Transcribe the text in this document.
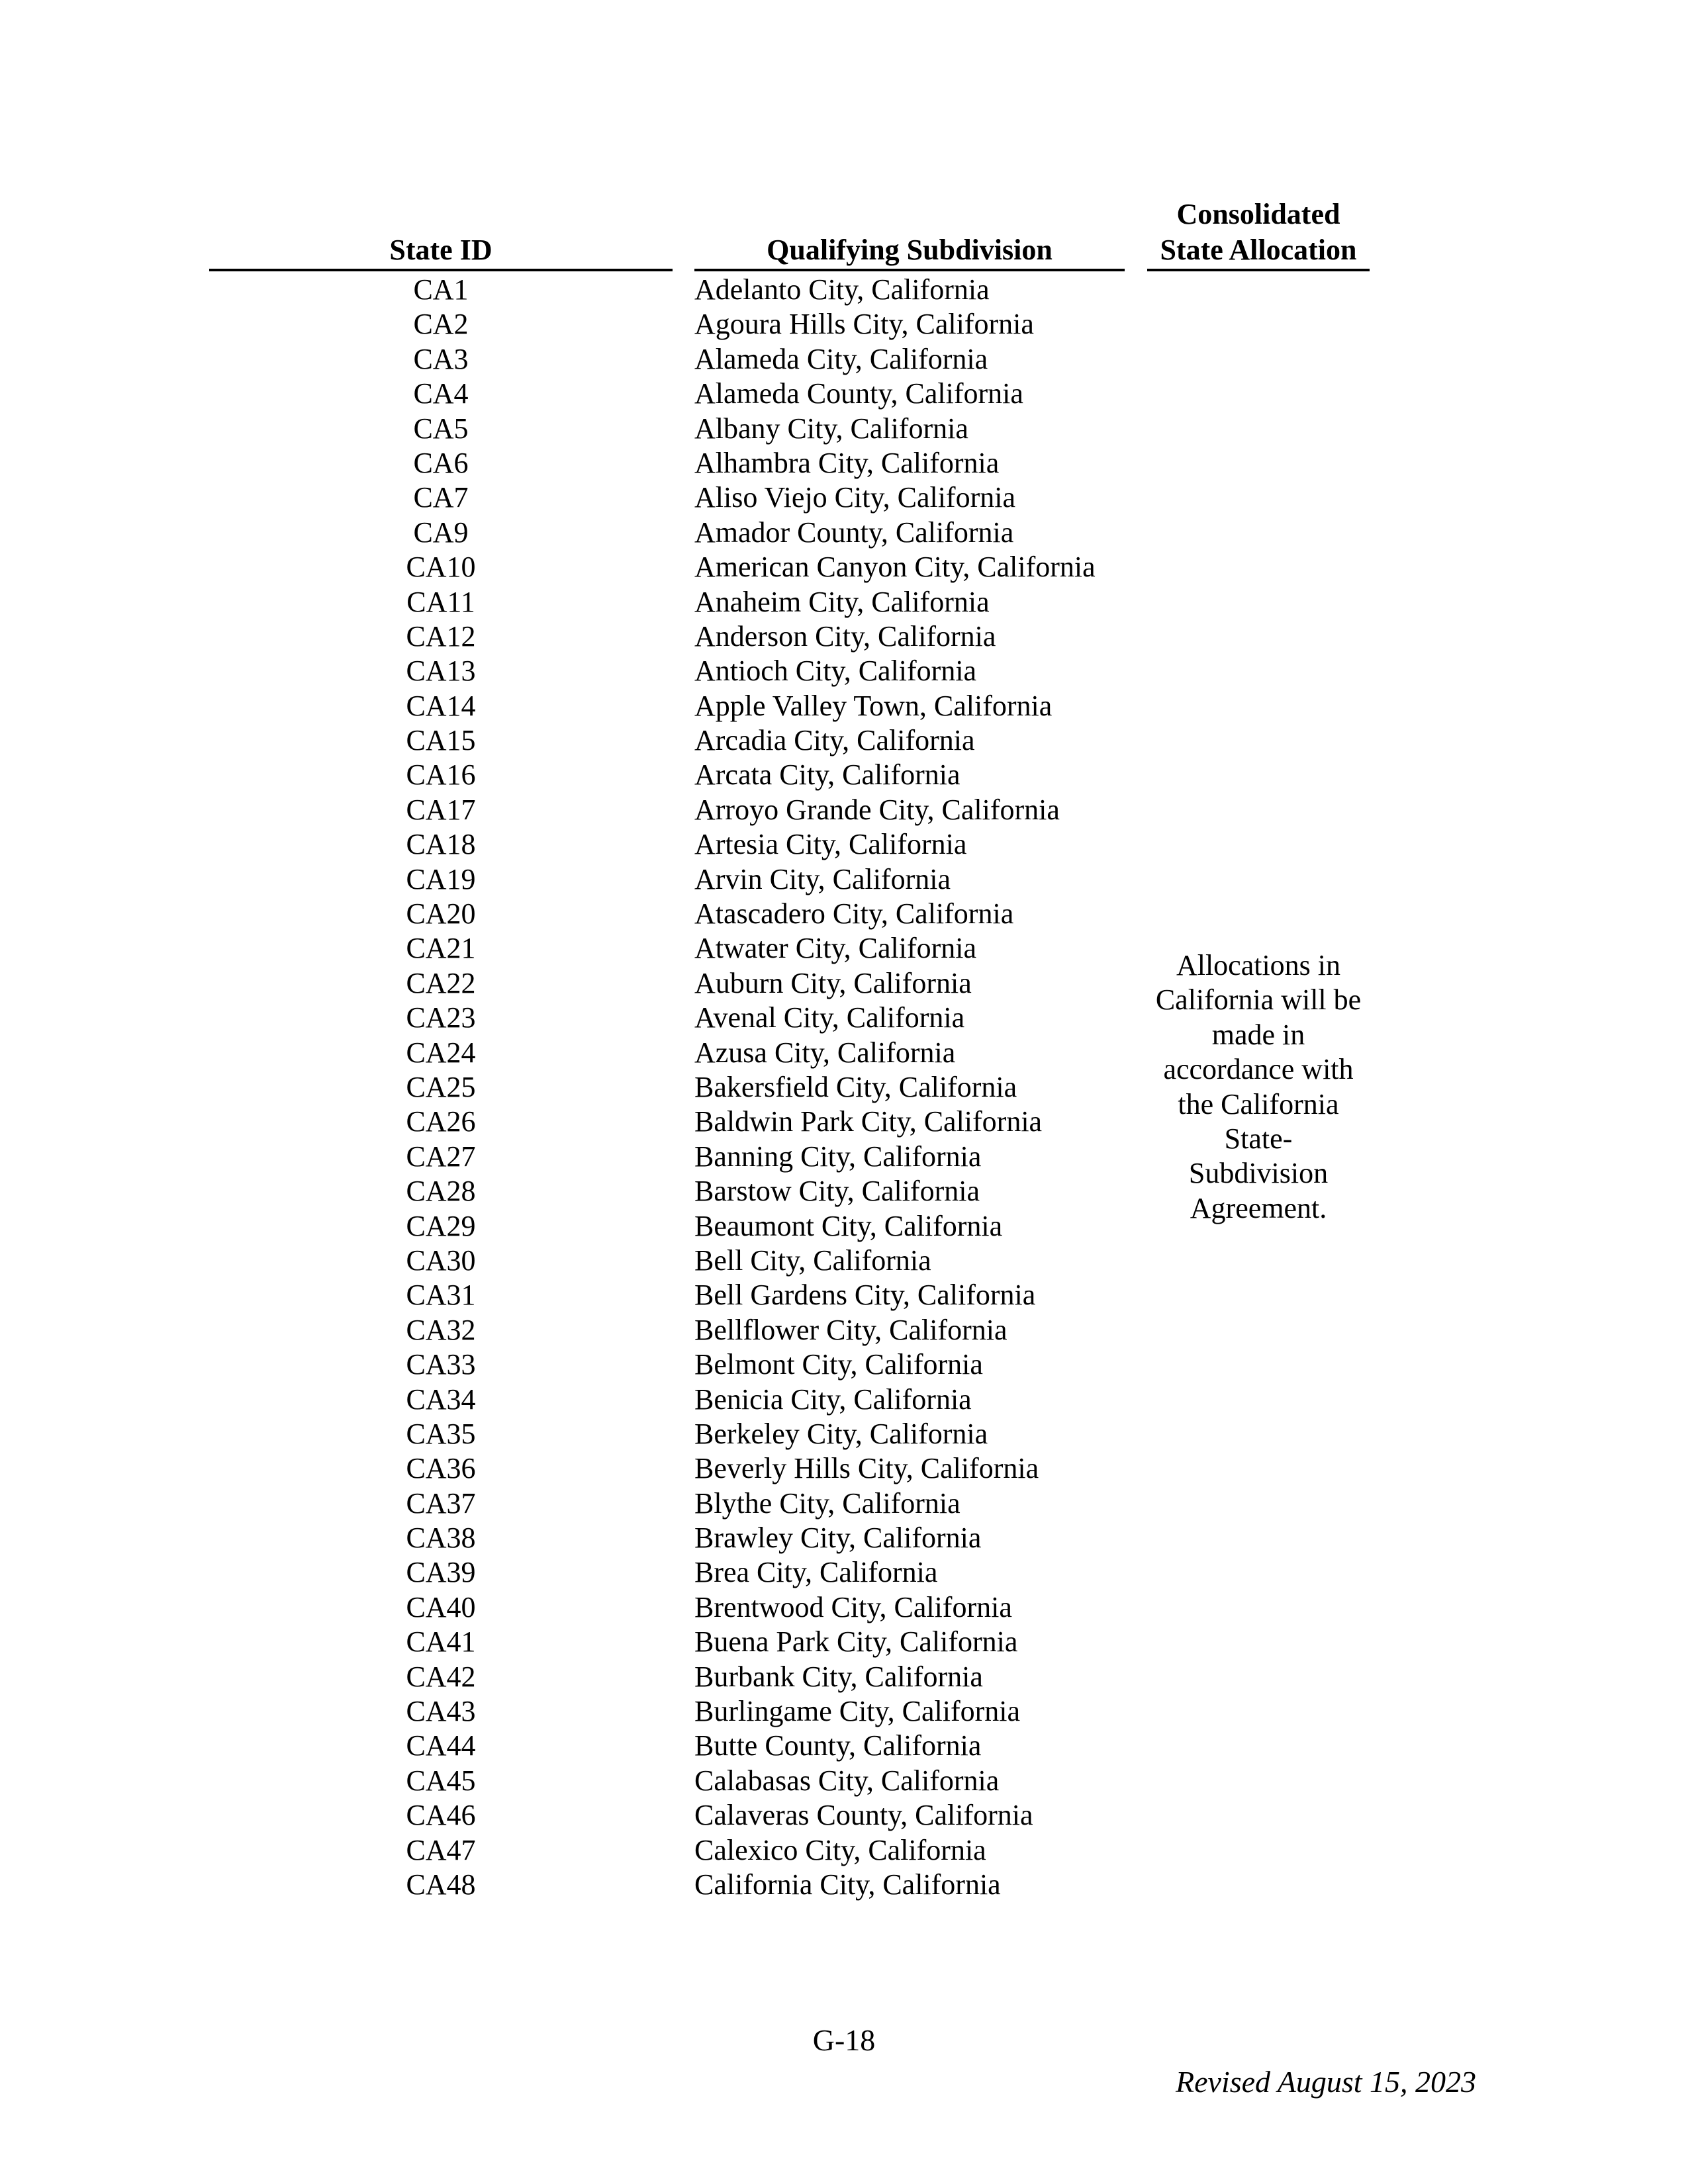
State ID	Qualifying Subdivision
Consolidated
State Allocation
CA1
CA2
CA3
CA4
CA5
CA6
CA7
CA9
CA10
CA11
CA12
CA13
CA14
CA15
CA16
CA17
CA18
CA19
CA20
CA21
CA22
CA23
CA24
CA25
CA26
CA27
CA28
CA29
CA30
CA31
CA32
CA33
CA34
CA35
CA36
CA37
CA38
CA39
CA40
CA41
CA42
CA43
CA44
CA45
CA46
CA47
CA48
Adelanto City, California
Agoura Hills City, California
Alameda City, California
Alameda County, California
Albany City, California
Alhambra City, California
Aliso Viejo City, California
Amador County, California
American Canyon City, California
Anaheim City, California
Anderson City, California
Antioch City, California
Apple Valley Town, California
Arcadia City, California
Arcata City, California
Arroyo Grande City, California
Artesia City, California
Arvin City, California
Atascadero City, California
Atwater City, California
Auburn City, California
Avenal City, California
Azusa City, California
Bakersfield City, California
Baldwin Park City, California
Banning City, California
Barstow City, California
Beaumont City, California
Bell City, California
Bell Gardens City, California
Bellflower City, California
Belmont City, California
Benicia City, California
Berkeley City, California
Beverly Hills City, California
Blythe City, California
Brawley City, California
Brea City, California
Brentwood City, California
Buena Park City, California
Burbank City, California
Burlingame City, California
Butte County, California
Calabasas City, California
Calaveras County, California
Calexico City, California
California City, California
Allocations in
California will be
made in
accordance with
the California
State-
Subdivision
Agreement.
G-18
Revised August 15, 2023
